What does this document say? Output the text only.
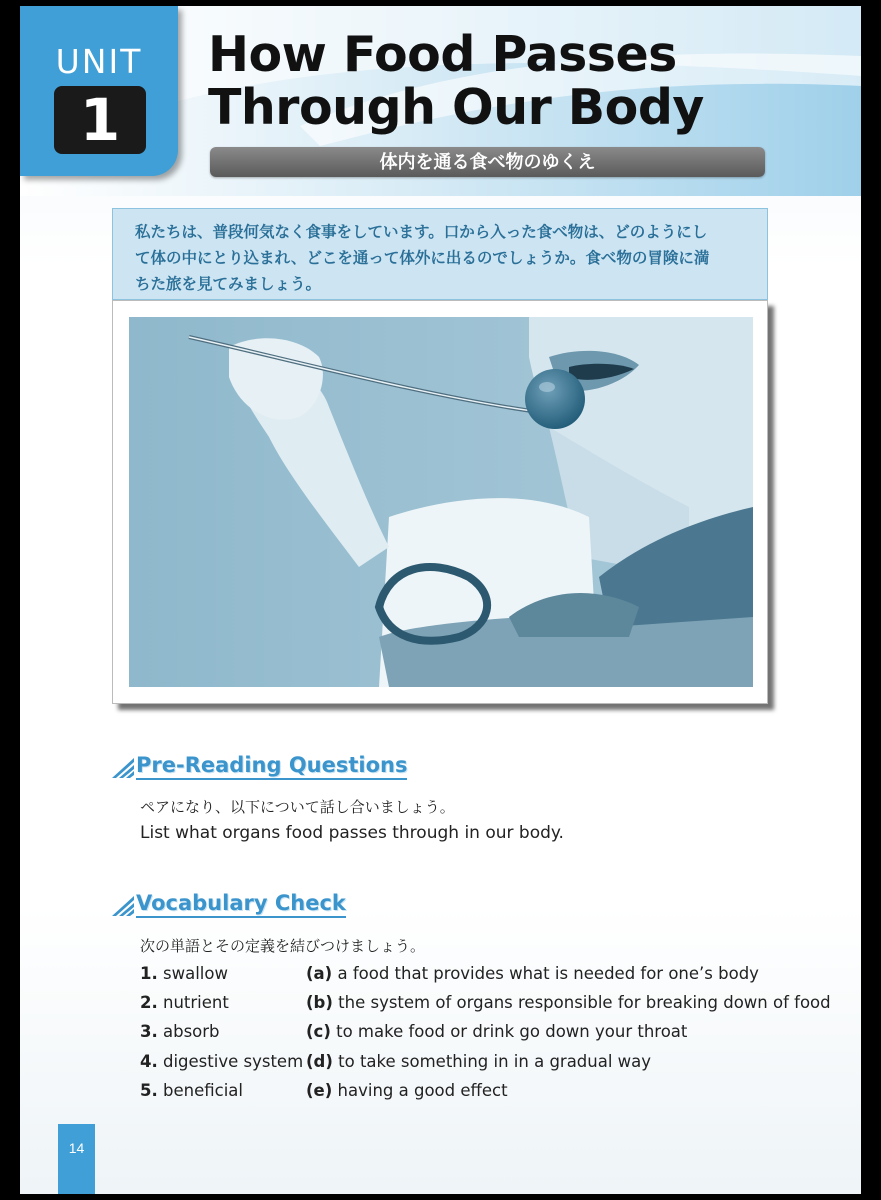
UNIT
1
How Food Passes
Through Our Body
体内を通る食べ物のゆくえ
私たちは、普段何気なく食事をしています。口から入った食べ物は、どのようにし
て体の中にとり込まれ、どこを通って体外に出るのでしょうか。食べ物の冒険に満
ちた旅を見てみましょう。
Pre-Reading Questions
ペアになり、以下について話し合いましょう。
List what organs food passes through in our body.
Vocabulary Check
次の単語とその定義を結びつけましょう。
1. swallow	(a) a food that provides what is needed for one’s body
2. nutrient	(b) the system of organs responsible for breaking down of food
3. absorb	(c) to make food or drink go down your throat
4. digestive system (d) to take something in in a gradual way
5. beneficial	(e) having a good effect
14
